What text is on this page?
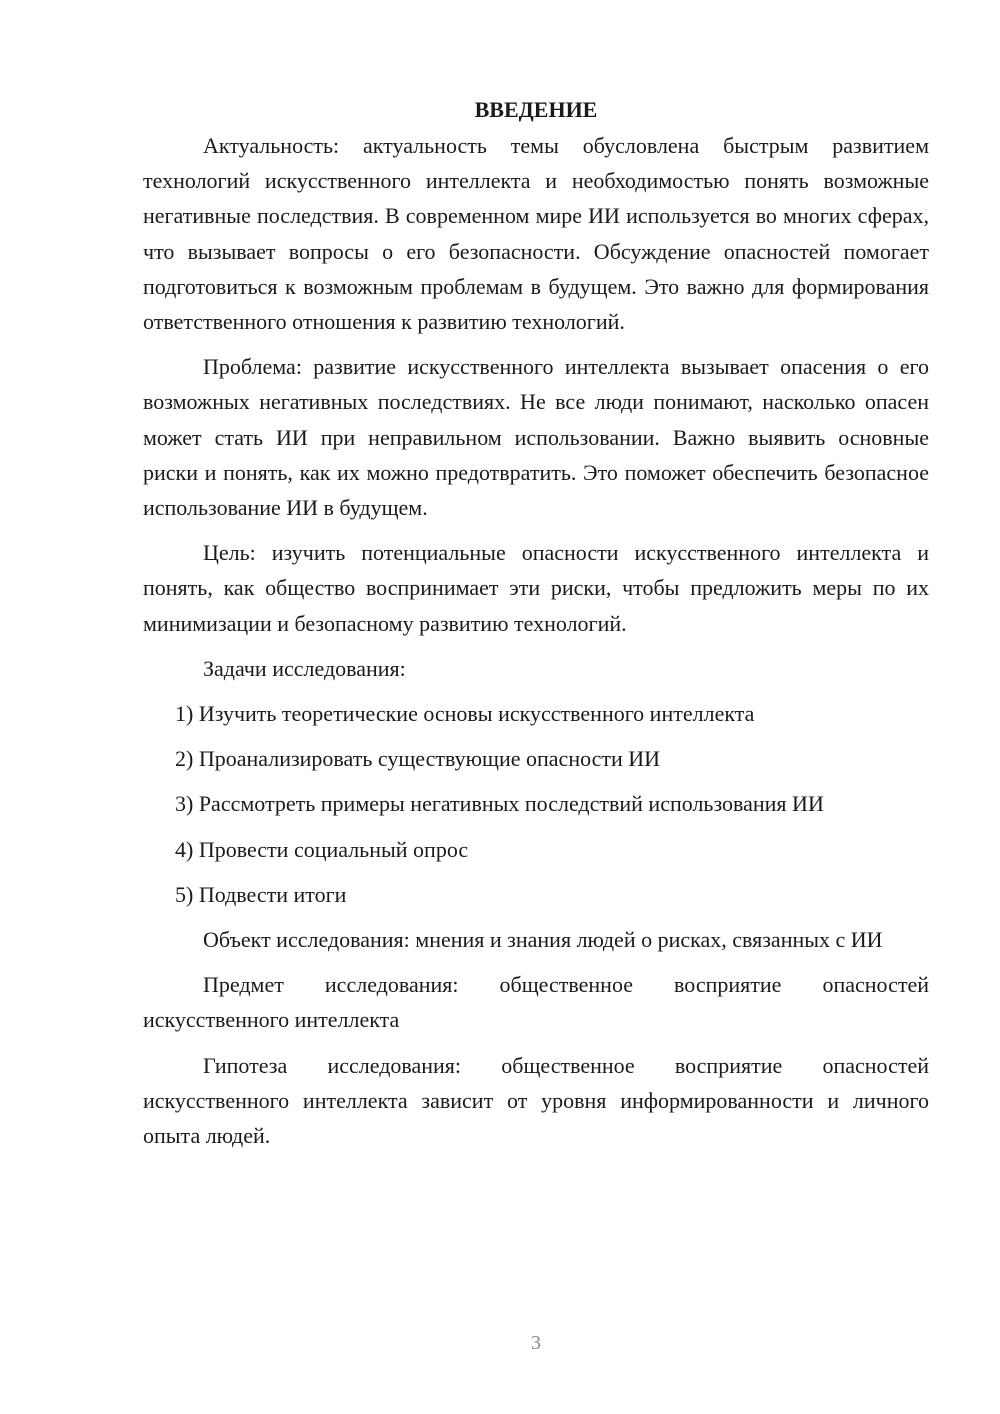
ВВЕДЕНИЕ

Актуальность: актуальность темы обусловлена быстрым развитием технологий искусственного интеллекта и необходимостью понять возможные негативные последствия. В современном мире ИИ используется во многих сферах, что вызывает вопросы о его безопасности. Обсуждение опасностей помогает подготовиться к возможным проблемам в будущем. Это важно для формирования ответственного отношения к развитию технологий.

Проблема: развитие искусственного интеллекта вызывает опасения о его возможных негативных последствиях. Не все люди понимают, насколько опасен может стать ИИ при неправильном использовании. Важно выявить основные риски и понять, как их можно предотвратить. Это поможет обеспечить безопасное использование ИИ в будущем.

Цель: изучить потенциальные опасности искусственного интеллекта и понять, как общество воспринимает эти риски, чтобы предложить меры по их минимизации и безопасному развитию технологий.

Задачи исследования:

1) Изучить теоретические основы искусственного интеллекта

2) Проанализировать существующие опасности ИИ

3) Рассмотреть примеры негативных последствий использования ИИ

4) Провести социальный опрос

5) Подвести итоги

Объект исследования: мнения и знания людей о рисках, связанных с ИИ

Предмет исследования: общественное восприятие опасностей искусственного интеллекта

Гипотеза исследования: общественное восприятие опасностей искусственного интеллекта зависит от уровня информированности и личного опыта людей.

3
